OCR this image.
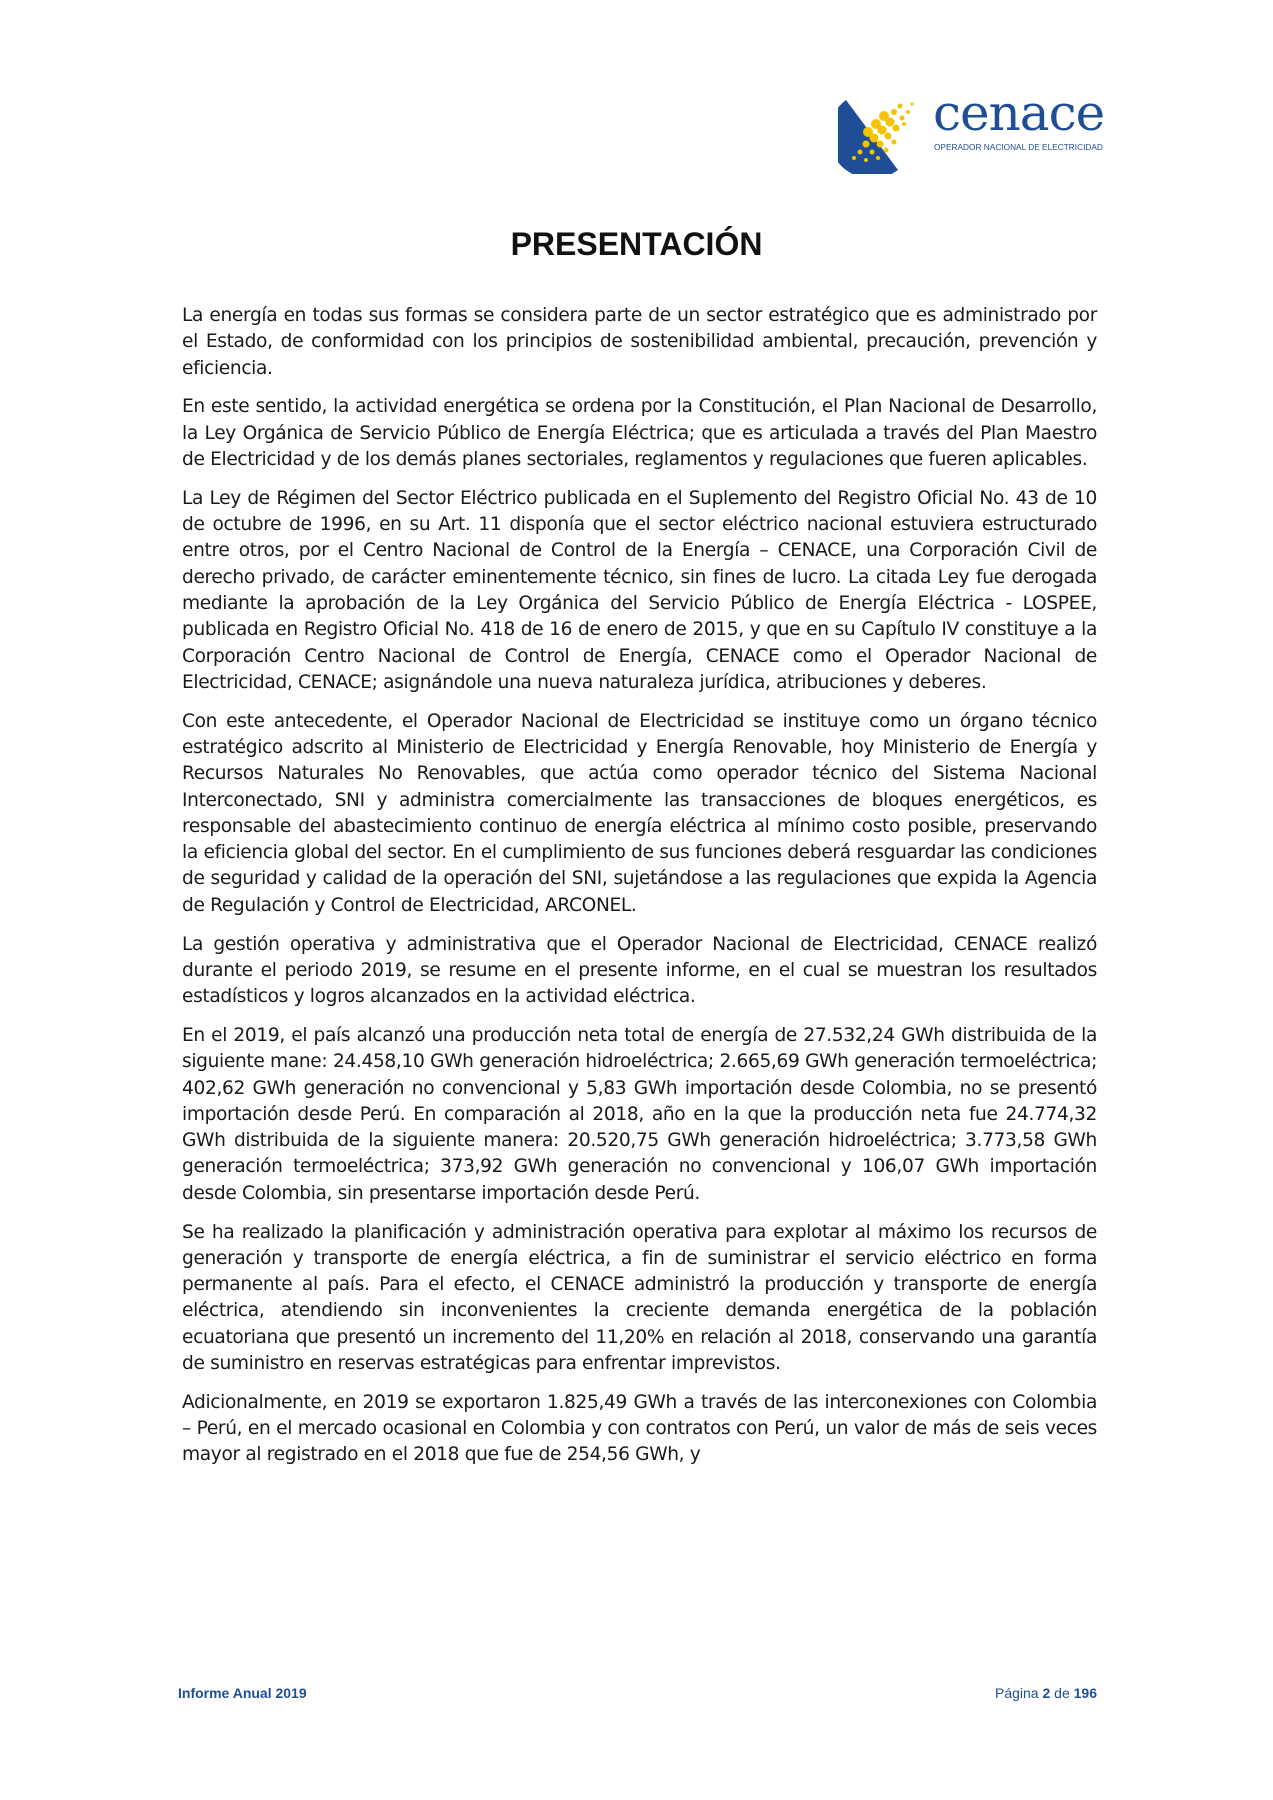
cenace
OPERADOR NACIONAL DE ELECTRICIDAD
PRESENTACIÓN

La energía en todas sus formas se considera parte de un sector estratégico que es administrado por el Estado, de conformidad con los principios de sostenibilidad ambiental, precaución, prevención y eficiencia.

En este sentido, la actividad energética se ordena por la Constitución, el Plan Nacional de Desarrollo, la Ley Orgánica de Servicio Público de Energía Eléctrica; que es articulada a través del Plan Maestro de Electricidad y de los demás planes sectoriales, reglamentos y regulaciones que fueren aplicables.

La Ley de Régimen del Sector Eléctrico publicada en el Suplemento del Registro Oficial No. 43 de 10 de octubre de 1996, en su Art. 11 disponía que el sector eléctrico nacional estuviera estructurado entre otros, por el Centro Nacional de Control de la Energía – CENACE, una Corporación Civil de derecho privado, de carácter eminentemente técnico, sin fines de lucro. La citada Ley fue derogada mediante la aprobación de la Ley Orgánica del Servicio Público de Energía Eléctrica - LOSPEE, publicada en Registro Oficial No. 418 de 16 de enero de 2015, y que en su Capítulo IV constituye a la Corporación Centro Nacional de Control de Energía, CENACE como el Operador Nacional de Electricidad, CENACE; asignándole una nueva naturaleza jurídica, atribuciones y deberes.

Con este antecedente, el Operador Nacional de Electricidad se instituye como un órgano técnico estratégico adscrito al Ministerio de Electricidad y Energía Renovable, hoy Ministerio de Energía y Recursos Naturales No Renovables, que actúa como operador técnico del Sistema Nacional Interconectado, SNI y administra comercialmente las transacciones de bloques energéticos, es responsable del abastecimiento continuo de energía eléctrica al mínimo costo posible, preservando la eficiencia global del sector. En el cumplimiento de sus funciones deberá resguardar las condiciones de seguridad y calidad de la operación del SNI, sujetándose a las regulaciones que expida la Agencia de Regulación y Control de Electricidad, ARCONEL.

La gestión operativa y administrativa que el Operador Nacional de Electricidad, CENACE realizó durante el periodo 2019, se resume en el presente informe, en el cual se muestran los resultados estadísticos y logros alcanzados en la actividad eléctrica.

En el 2019, el país alcanzó una producción neta total de energía de 27.532,24 GWh distribuida de la siguiente mane: 24.458,10 GWh generación hidroeléctrica; 2.665,69 GWh generación termoeléctrica; 402,62 GWh generación no convencional y 5,83 GWh importación desde Colombia, no se presentó importación desde Perú. En comparación al 2018, año en la que la producción neta fue 24.774,32 GWh distribuida de la siguiente manera: 20.520,75 GWh generación hidroeléctrica; 3.773,58 GWh generación termoeléctrica; 373,92 GWh generación no convencional y 106,07 GWh importación desde Colombia, sin presentarse importación desde Perú.

Se ha realizado la planificación y administración operativa para explotar al máximo los recursos de generación y transporte de energía eléctrica, a fin de suministrar el servicio eléctrico en forma permanente al país. Para el efecto, el CENACE administró la producción y transporte de energía eléctrica, atendiendo sin inconvenientes la creciente demanda energética de la población ecuatoriana que presentó un incremento del 11,20% en relación al 2018, conservando una garantía de suministro en reservas estratégicas para enfrentar imprevistos.

Adicionalmente, en 2019 se exportaron 1.825,49 GWh a través de las interconexiones con Colombia – Perú, en el mercado ocasional en Colombia y con contratos con Perú, un valor de más de seis veces mayor al registrado en el 2018 que fue de 254,56 GWh, y

Informe Anual 2019	Página 2 de 196
